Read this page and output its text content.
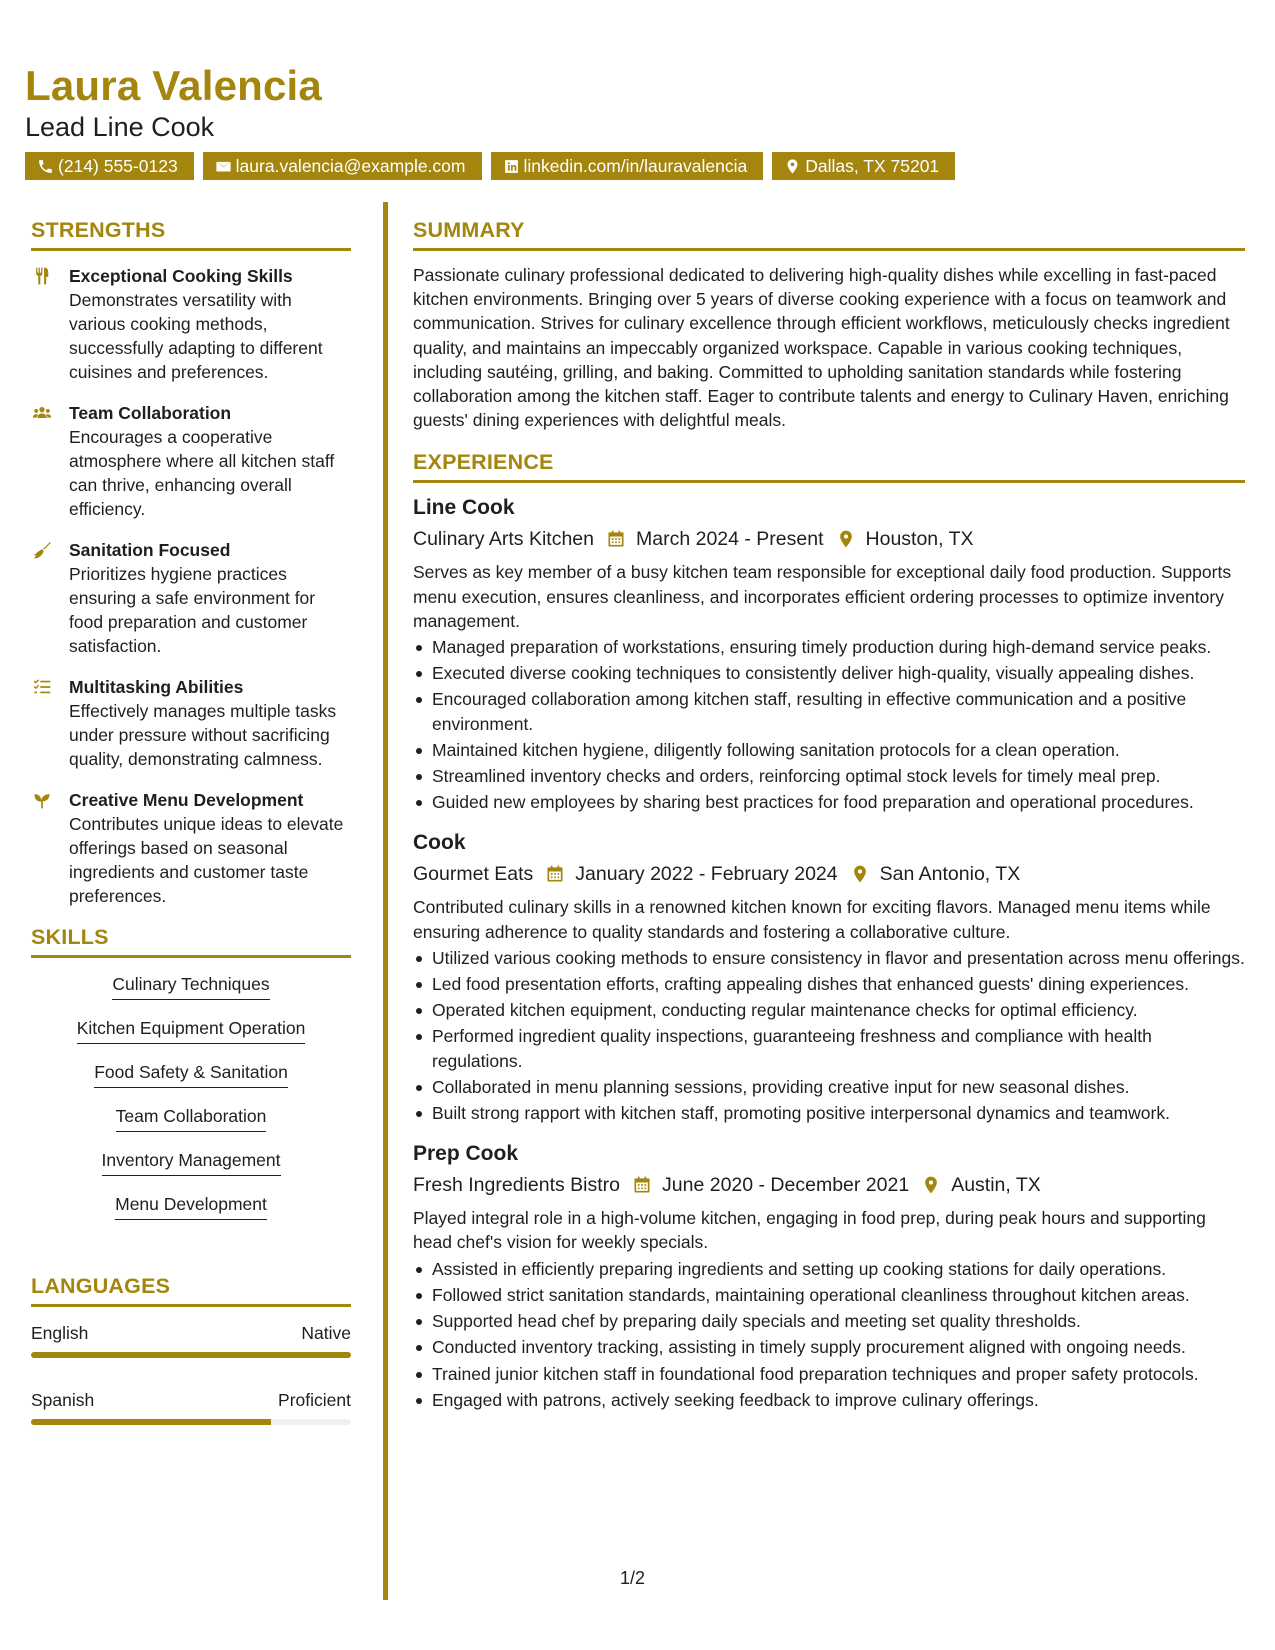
Laura Valencia
Lead Line Cook
(214) 555-0123	laura.valencia@example.com	linkedin.com/in/lauravalencia	Dallas, TX 75201
STRENGTHS
Exceptional Cooking Skills
Demonstrates versatility with various cooking methods, successfully adapting to different cuisines and preferences.
Team Collaboration
Encourages a cooperative atmosphere where all kitchen staff can thrive, enhancing overall efficiency.
Sanitation Focused
Prioritizes hygiene practices ensuring a safe environment for food preparation and customer satisfaction.
Multitasking Abilities
Effectively manages multiple tasks under pressure without sacrificing quality, demonstrating calmness.
Creative Menu Development
Contributes unique ideas to elevate offerings based on seasonal ingredients and customer taste preferences.
SKILLS
Culinary Techniques
Kitchen Equipment Operation
Food Safety & Sanitation
Team Collaboration
Inventory Management
Menu Development
LANGUAGES
English	Native
Spanish	Proficient
SUMMARY

Passionate culinary professional dedicated to delivering high-quality dishes while excelling in fast-paced kitchen environments. Bringing over 5 years of diverse cooking experience with a focus on teamwork and communication. Strives for culinary excellence through efficient workflows, meticulously checks ingredient quality, and maintains an impeccably organized workspace. Capable in various cooking techniques, including sautéing, grilling, and baking. Committed to upholding sanitation standards while fostering collaboration among the kitchen staff. Eager to contribute talents and energy to Culinary Haven, enriching guests' dining experiences with delightful meals.

EXPERIENCE
Line Cook
Culinary Arts Kitchen March 2024 - Present Houston, TX

Serves as key member of a busy kitchen team responsible for exceptional daily food production. Supports menu execution, ensures cleanliness, and incorporates efficient ordering processes to optimize inventory management.

Managed preparation of workstations, ensuring timely production during high-demand service peaks.
Executed diverse cooking techniques to consistently deliver high-quality, visually appealing dishes.
Encouraged collaboration among kitchen staff, resulting in effective communication and a positive environment.
Maintained kitchen hygiene, diligently following sanitation protocols for a clean operation.
Streamlined inventory checks and orders, reinforcing optimal stock levels for timely meal prep.
Guided new employees by sharing best practices for food preparation and operational procedures.
Cook
Gourmet Eats January 2022 - February 2024 San Antonio, TX

Contributed culinary skills in a renowned kitchen known for exciting flavors. Managed menu items while ensuring adherence to quality standards and fostering a collaborative culture.

Utilized various cooking methods to ensure consistency in flavor and presentation across menu offerings.
Led food presentation efforts, crafting appealing dishes that enhanced guests' dining experiences.
Operated kitchen equipment, conducting regular maintenance checks for optimal efficiency.
Performed ingredient quality inspections, guaranteeing freshness and compliance with health regulations.
Collaborated in menu planning sessions, providing creative input for new seasonal dishes.
Built strong rapport with kitchen staff, promoting positive interpersonal dynamics and teamwork.
Prep Cook
Fresh Ingredients Bistro June 2020 - December 2021 Austin, TX

Played integral role in a high-volume kitchen, engaging in food prep, during peak hours and supporting head chef's vision for weekly specials.

Assisted in efficiently preparing ingredients and setting up cooking stations for daily operations.
Followed strict sanitation standards, maintaining operational cleanliness throughout kitchen areas.
Supported head chef by preparing daily specials and meeting set quality thresholds.
Conducted inventory tracking, assisting in timely supply procurement aligned with ongoing needs.
Trained junior kitchen staff in foundational food preparation techniques and proper safety protocols.
Engaged with patrons, actively seeking feedback to improve culinary offerings.
1/2
